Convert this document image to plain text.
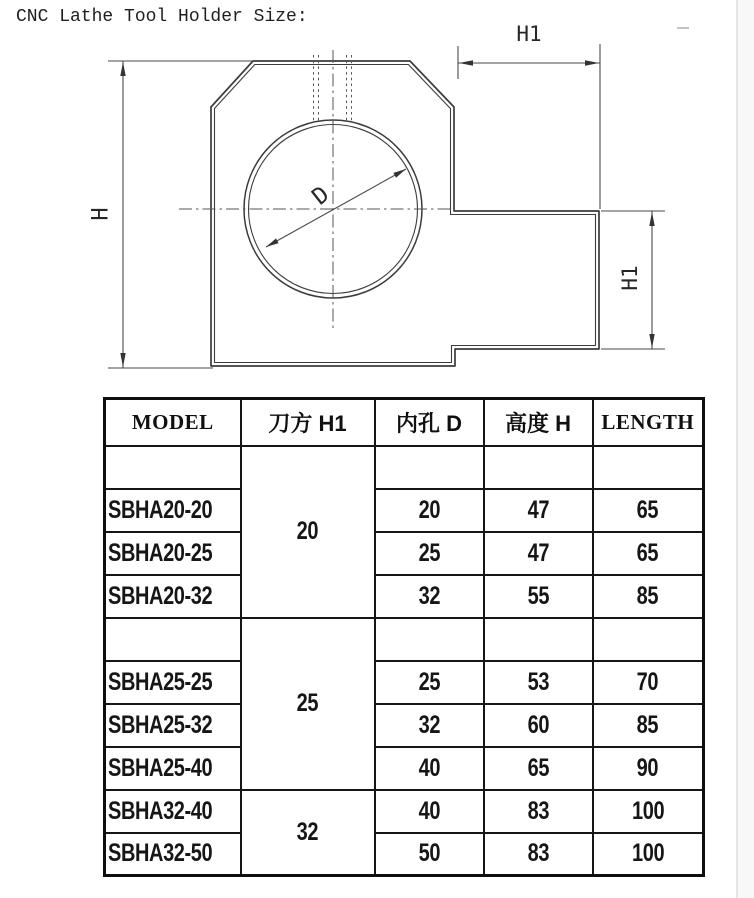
CNC Lathe Tool Holder Size:
H
H1
H1
D
MODEL	刀方 H1	内孔 D	高度 H	LENGTH
	20			
SBHA20-20		20	47	65
SBHA20-25		25	47	65
SBHA20-32		32	55	85
	25			
SBHA25-25		25	53	70
SBHA25-32		32	60	85
SBHA25-40		40	65	90
SBHA32-40	32	40	83	100
SBHA32-50		50	83	100
